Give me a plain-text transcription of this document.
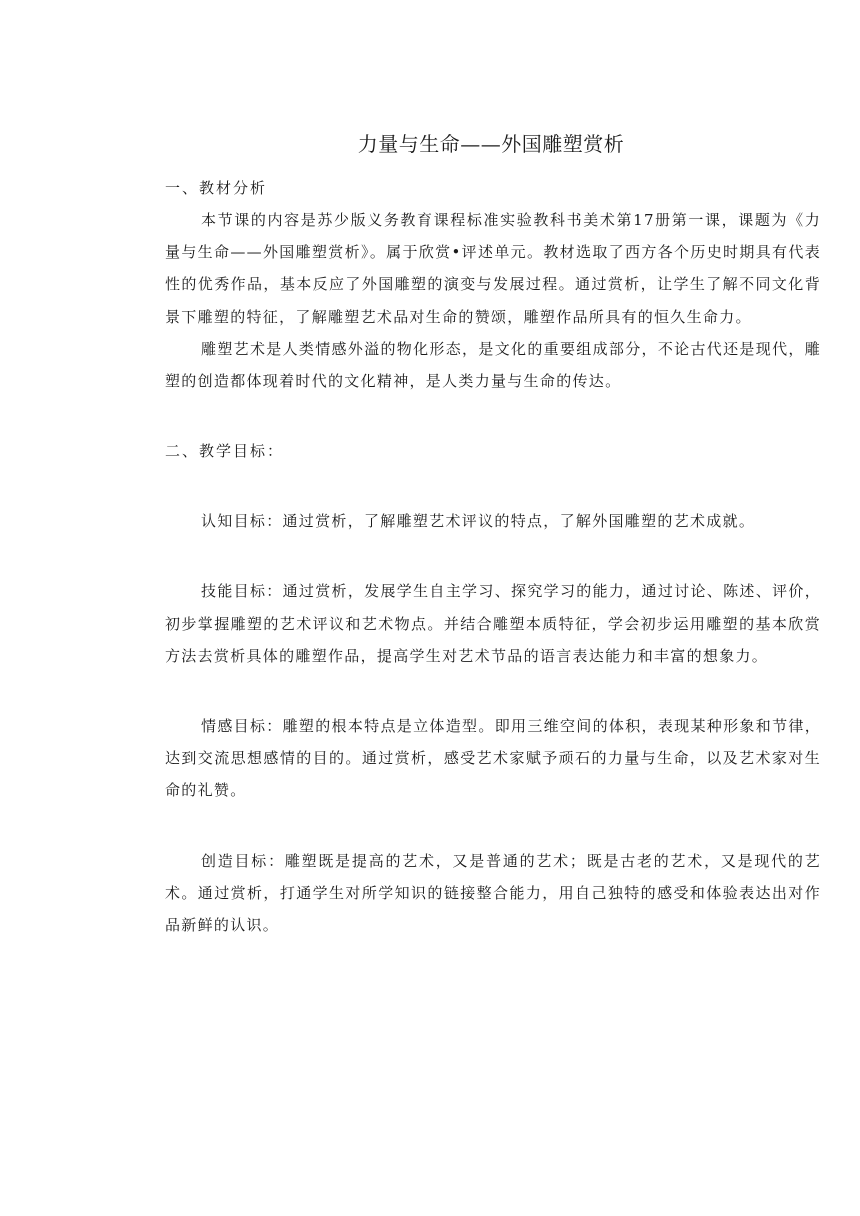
力量与生命——外国雕塑赏析

一、教材分析

本节课的内容是苏少版义务教育课程标准实验教科书美术第17册第一课，课题为《力量与生命——外国雕塑赏析》。属于欣赏•评述单元。教材选取了西方各个历史时期具有代表性的优秀作品，基本反应了外国雕塑的演变与发展过程。通过赏析，让学生了解不同文化背景下雕塑的特征，了解雕塑艺术品对生命的赞颂，雕塑作品所具有的恒久生命力。

雕塑艺术是人类情感外溢的物化形态，是文化的重要组成部分，不论古代还是现代，雕塑的创造都体现着时代的文化精神，是人类力量与生命的传达。

二、教学目标：

认知目标：通过赏析，了解雕塑艺术评议的特点，了解外国雕塑的艺术成就。

技能目标：通过赏析，发展学生自主学习、探究学习的能力，通过讨论、陈述、评价，初步掌握雕塑的艺术评议和艺术物点。并结合雕塑本质特征，学会初步运用雕塑的基本欣赏方法去赏析具体的雕塑作品，提高学生对艺术节品的语言表达能力和丰富的想象力。

情感目标：雕塑的根本特点是立体造型。即用三维空间的体积，表现某种形象和节律，达到交流思想感情的目的。通过赏析，感受艺术家赋予顽石的力量与生命，以及艺术家对生命的礼赞。

创造目标：雕塑既是提高的艺术，又是普通的艺术；既是古老的艺术，又是现代的艺术。通过赏析，打通学生对所学知识的链接整合能力，用自己独特的感受和体验表达出对作品新鲜的认识。
